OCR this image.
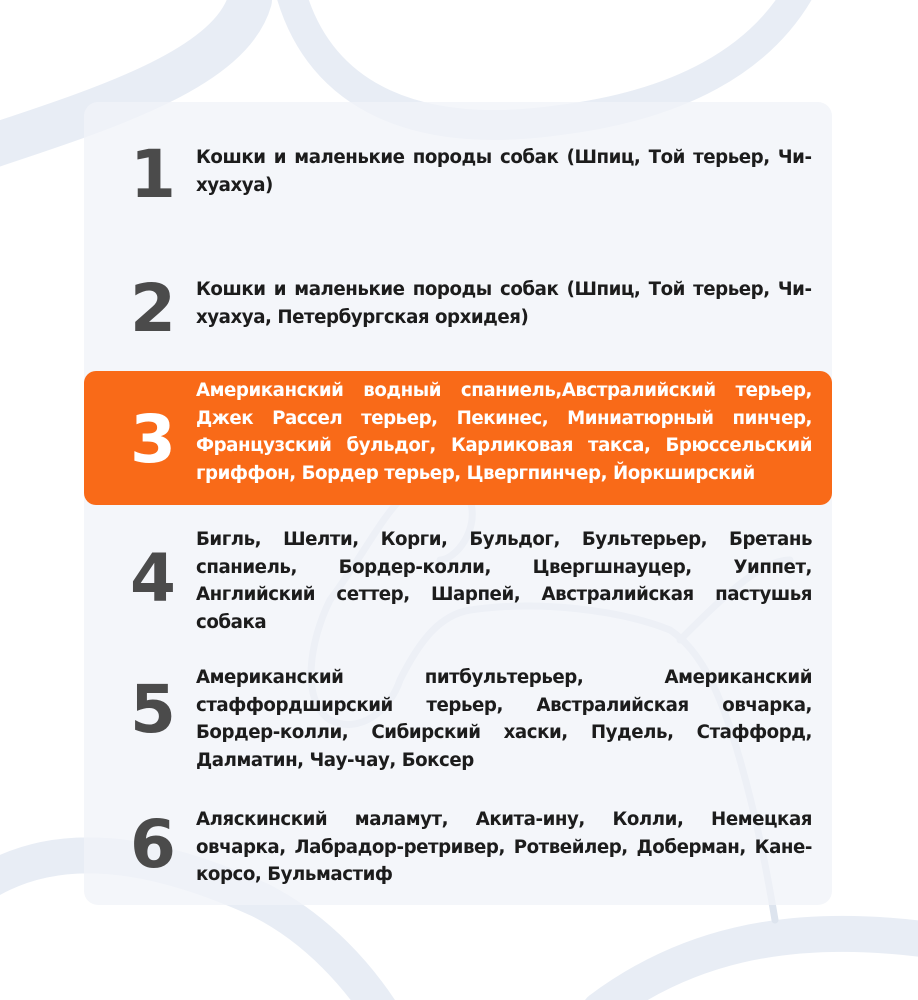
1 Кошки и маленькие породы собак (Шпиц, Той терьер, Чихуахуа)
2 Кошки и маленькие породы собак (Шпиц, Той терьер, Чихуахуа, Петербургская орхидея)
3
Американский водный спаниель,Австралийский терьер, Джек Рассел терьер, Пекинес, Миниатюрный пинчер, Французский бульдог, Карликовая такса, Брюссельский гриффон, Бордер терьер, Цвергпинчер, Йоркширский
4
Бигль, Шелти, Корги, Бульдог, Бультерьер, Бретань спаниель, Бордер-колли, Цвергшнауцер, Уиппет, Английский сеттер, Шарпей, Австралийская пастушья собака
5 Американский питбультерьер, Американский стаффордширский терьер, Австралийская овчарка, Бордер-колли, Сибирский хаски, Пудель, Стаффорд, Далматин, Чау-чау, Боксер
6 Аляскинский маламут, Акита-ину, Колли, Немецкая овчарка, Лабрадор-ретривер, Ротвейлер, Доберман, Кане-корсо, Бульмастиф
